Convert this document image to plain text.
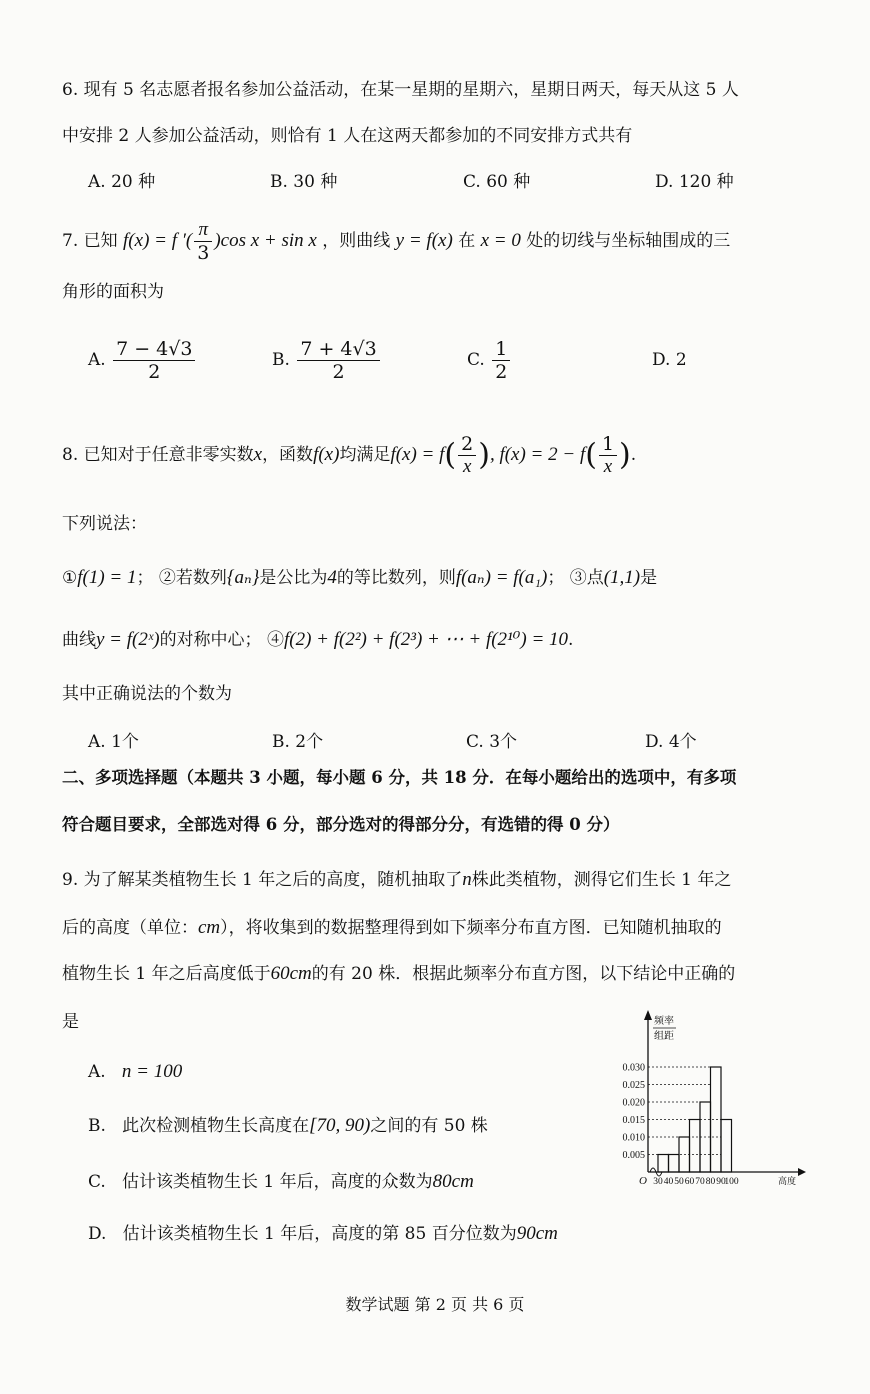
6. 现有 5 名志愿者报名参加公益活动，在某一星期的星期六，星期日两天，每天从这 5 人
中安排 2 人参加公益活动，则恰有 1 人在这两天都参加的不同安排方式共有
A. 20 种	B. 30 种	C. 60 种	D. 120 种
7. 已知 f(x) = f ′( $\frac{\pi}{3} )\cos$ x + sin x ，则曲线 y = f(x) 在 x = 0 处的切线与坐标轴围成的三
角形的面积为
A. $\frac{7 - 4√3}{2}$	B. $\frac{7 + 4√3}{2}$	C. $\frac{1}{2}$	D. 2
8. 已知对于任意非零实数x，函数f(x)均满足$f(x) = f( \frac{2}{x}$ ), $f(x) = 2 - f( \frac{1}{x}$ ).
下列说法：
①f(1) = 1； ②若数列{aₙ}是公比为4的等比数列，则f(aₙ) = f(a₁)； ③点(1,1)是
曲线y = f(2ˣ)的对称中心； ④f(2) + f(2²) + f(2³) + ⋯ + f(2¹⁰) = 10.
其中正确说法的个数为
A. 1个	B. 2个	C. 3个	D. 4个
二、多项选择题（本题共 3 小题，每小题 6 分，共 18 分．在每小题给出的选项中，有多项
符合题目要求，全部选对得 6 分，部分选对的得部分分，有选错的得 0 分）
9. 为了解某类植物生长 1 年之后的高度，随机抽取了n株此类植物，测得它们生长 1 年之
后的高度（单位：cm），将收集到的数据整理得到如下频率分布直方图．已知随机抽取的
植物生长 1 年之后高度低于60cm的有 20 株．根据此频率分布直方图，以下结论中正确的
是
A. n = 100
B. 此次检测植物生长高度在[70, 90)之间的有 50 株
C. 估计该类植物生长 1 年后，高度的众数为80cm
D. 估计该类植物生长 1 年后，高度的第 85 百分位数为90cm
0.005
0.010
0.015
0.020
0.025
0.030
30 40 50 60 70 80 90
100
O	高度
频率
组距
数学试题 第 2 页 共 6 页
